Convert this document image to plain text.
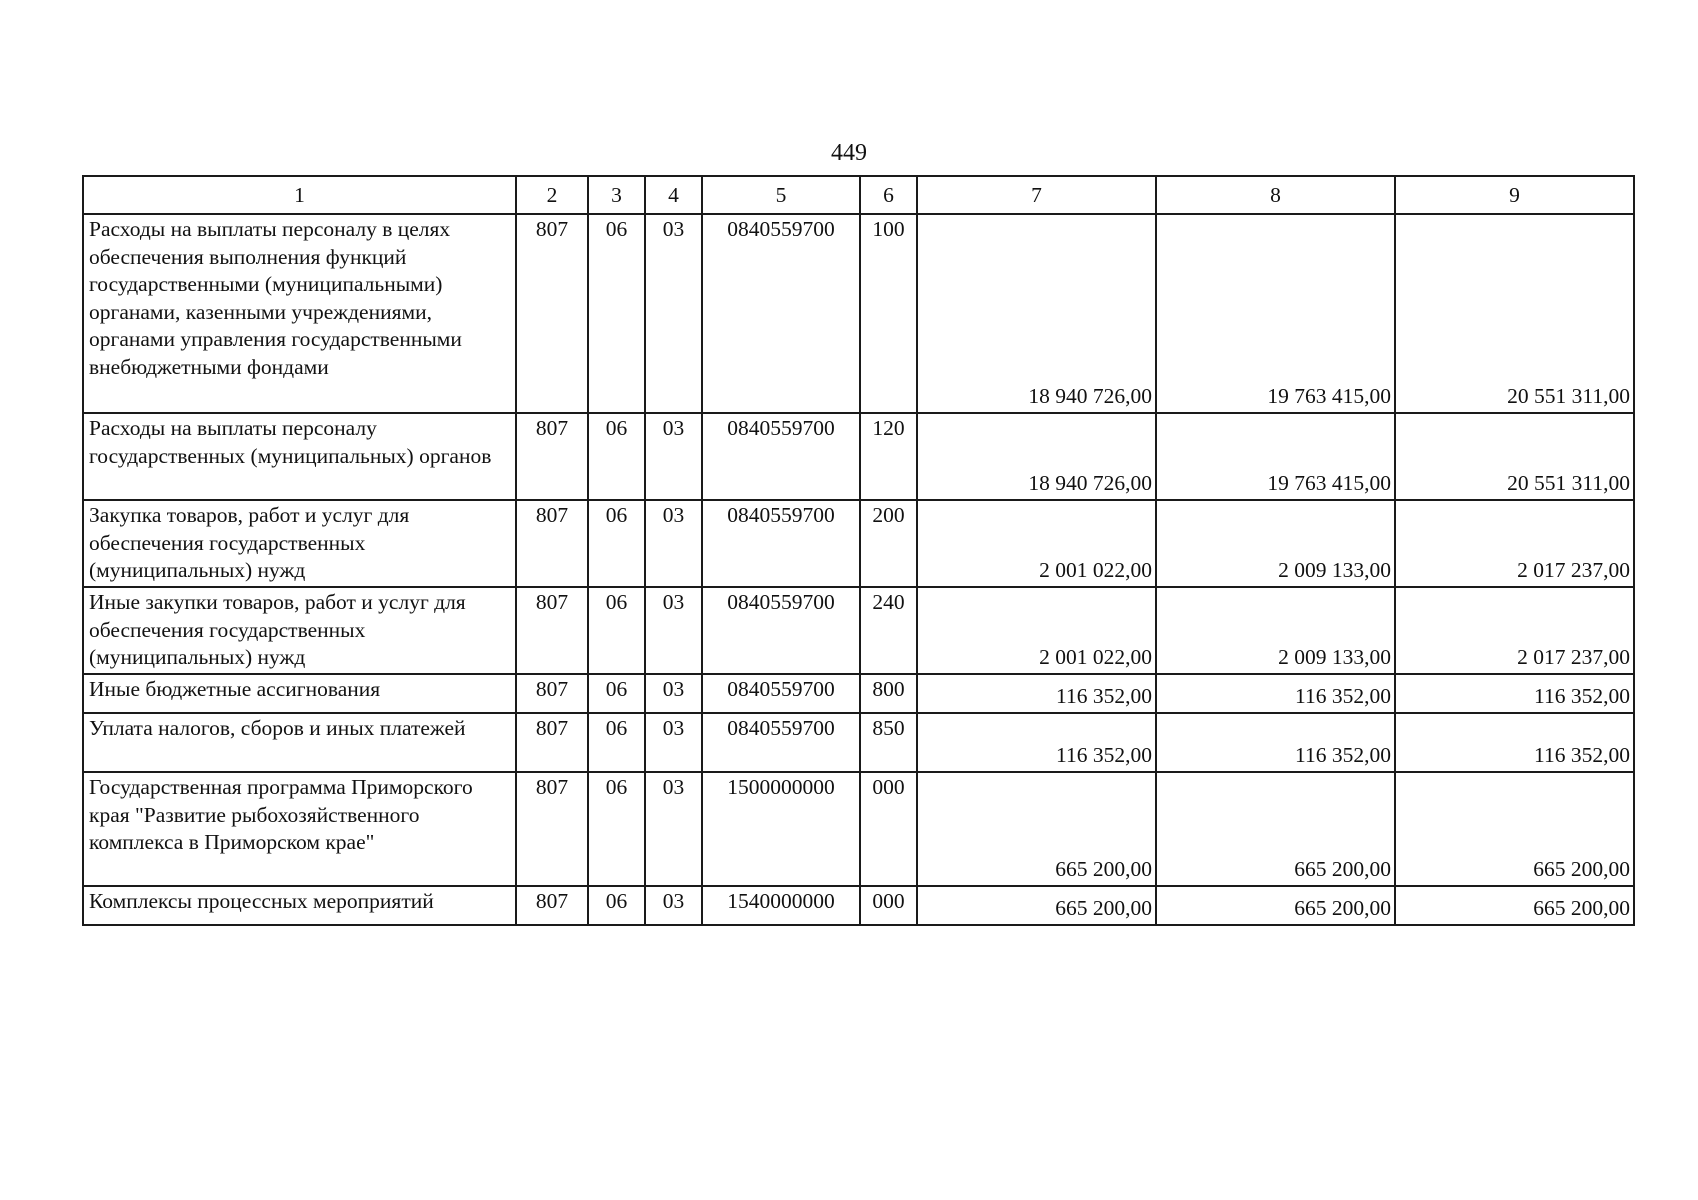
449
1	2	3	4	5	6	7	8	9
Расходы на выплаты персоналу в целях обеспечения выполнения функций государственными (муниципальными) органами, казенными учреждениями, органами управления государственными внебюджетными фондами	807	06	03	0840559700	100	18 940 726,00	19 763 415,00	20 551 311,00
Расходы на выплаты персоналу государственных (муниципальных) органов	807	06	03	0840559700	120	18 940 726,00	19 763 415,00	20 551 311,00
Закупка товаров, работ и услуг для обеспечения государственных (муниципальных) нужд	807	06	03	0840559700	200	2 001 022,00	2 009 133,00	2 017 237,00
Иные закупки товаров, работ и услуг для обеспечения государственных (муниципальных) нужд	807	06	03	0840559700	240	2 001 022,00	2 009 133,00	2 017 237,00
Иные бюджетные ассигнования	807	06	03	0840559700	800	116 352,00	116 352,00	116 352,00
Уплата налогов, сборов и иных платежей	807	06	03	0840559700	850	116 352,00	116 352,00	116 352,00
Государственная программа Приморского края "Развитие рыбохозяйственного комплекса в Приморском крае"	807	06	03	1500000000	000	665 200,00	665 200,00	665 200,00
Комплексы процессных мероприятий	807	06	03	1540000000	000	665 200,00	665 200,00	665 200,00
